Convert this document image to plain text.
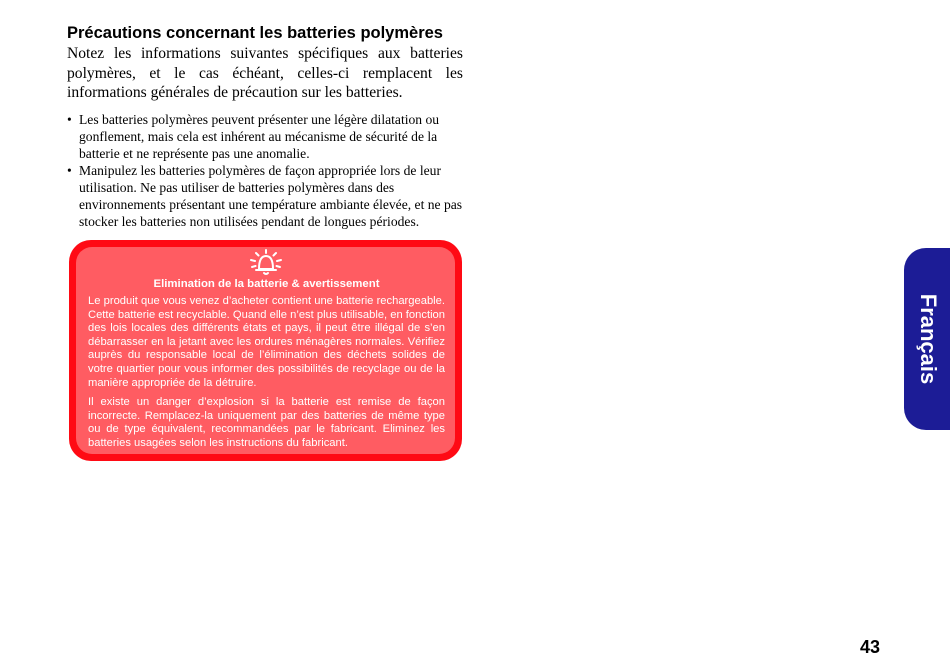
Précautions concernant les batteries polymères

Notez les informations suivantes spécifiques aux batteries polymères, et le cas échéant, celles-ci remplacent les informations générales de précaution sur les batteries.

• Les batteries polymères peuvent présenter une légère dilatation ou gonflement, mais cela est inhérent au mécanisme de sécurité de la batterie et ne représente pas une anomalie.
• Manipulez les batteries polymères de façon appropriée lors de leur utilisation. Ne pas utiliser de batteries polymères dans des environnements présentant une température ambiante élevée, et ne pas stocker les batteries non utilisées pendant de longues périodes.

Elimination de la batterie & avertissement

Le produit que vous venez d’acheter contient une batterie rechargeable. Cette batterie est recyclable. Quand elle n’est plus utilisable, en fonction des lois locales des différents états et pays, il peut être illégal de s’en débarrasser en la jetant avec les ordures ménagères normales. Vérifiez auprès du responsable local de l’élimination des déchets solides de votre quartier pour vous informer des possibilités de recyclage ou de la manière appropriée de la détruire.

Il existe un danger d’explosion si la batterie est remise de façon incorrecte. Remplacez-la uniquement par des batteries de même type ou de type équivalent, recommandées par le fabricant. Eliminez les batteries usagées selon les instructions du fabricant.

Français

43
